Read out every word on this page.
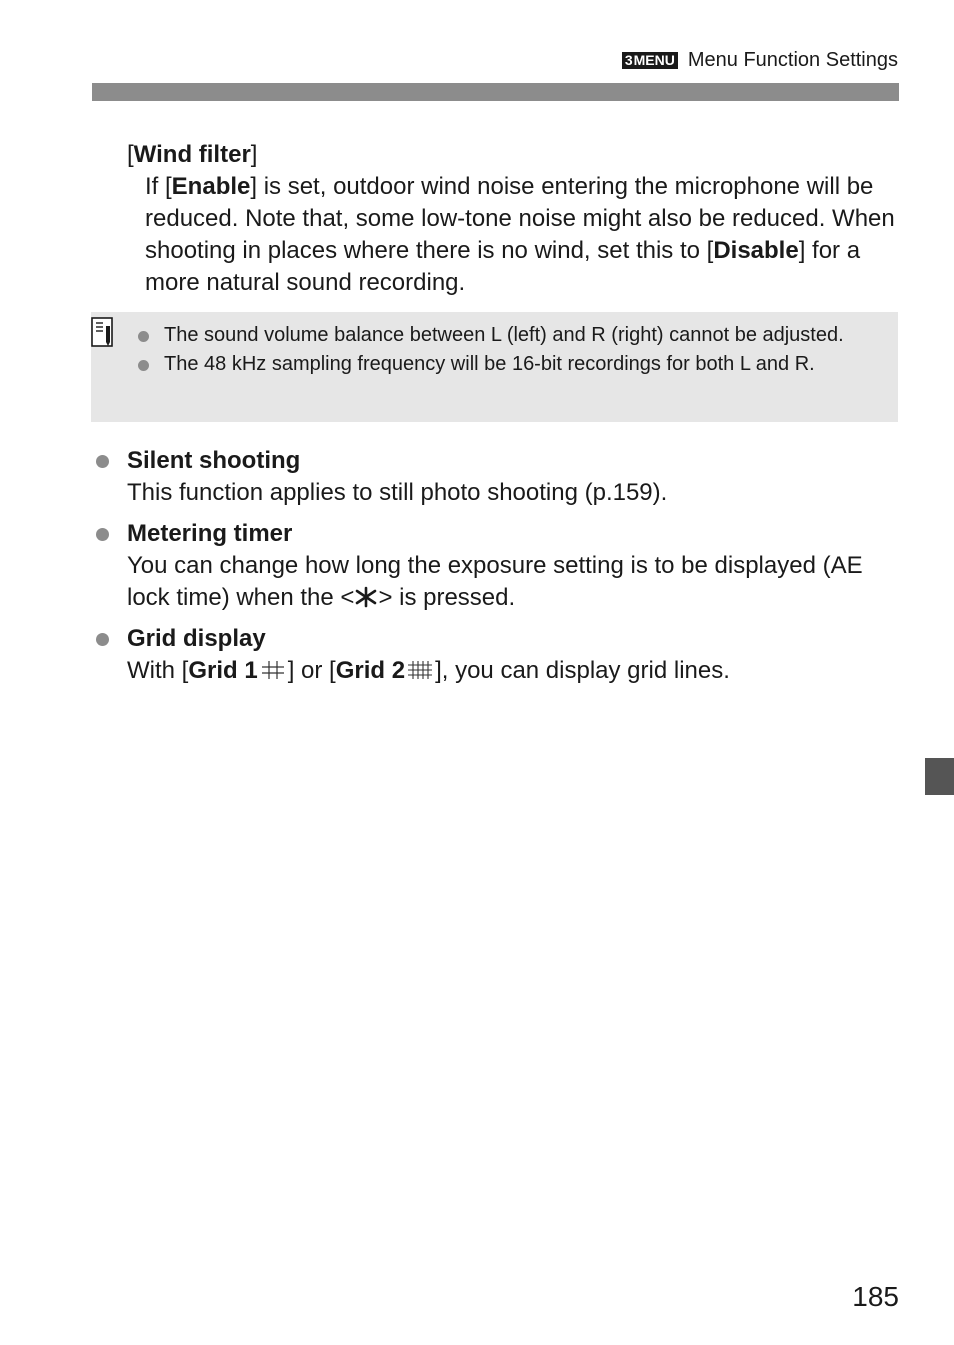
3MENU Menu Function Settings
[Wind filter]
If [Enable] is set, outdoor wind noise entering the microphone will be reduced. Note that, some low-tone noise might also be reduced. When shooting in places where there is no wind, set this to [Disable] for a more natural sound recording.
The sound volume balance between L (left) and R (right) cannot be adjusted.
The 48 kHz sampling frequency will be 16-bit recordings for both L and R.
Silent shooting
This function applies to still photo shooting (p.159).
Metering timer
You can change how long the exposure setting is to be displayed (AE lock time) when the < > is pressed.
Grid display
With [Grid 1 ] or [Grid 2 ], you can display grid lines.
185
